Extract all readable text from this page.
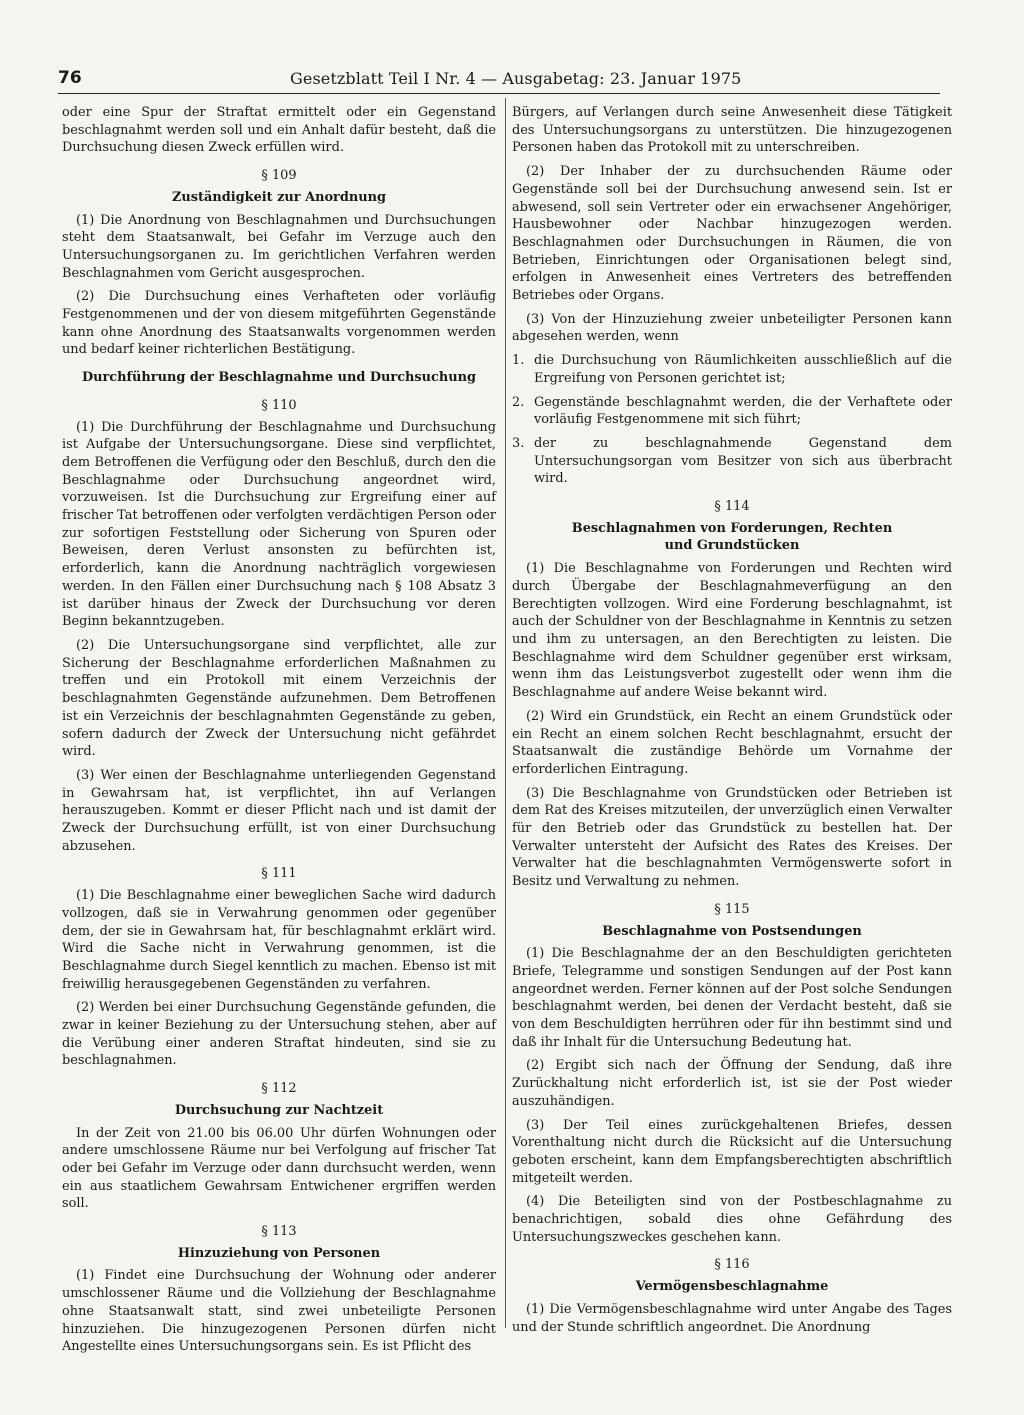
76	Gesetzblatt Teil I Nr. 4 — Ausgabetag: 23. Januar 1975

oder eine Spur der Straftat ermittelt oder ein Gegenstand beschlagnahmt werden soll und ein Anhalt dafür besteht, daß die Durchsuchung diesen Zweck erfüllen wird.

§ 109
Zuständigkeit zur Anordnung

(1) Die Anordnung von Beschlagnahmen und Durchsuchungen steht dem Staatsanwalt, bei Gefahr im Verzuge auch den Untersuchungsorganen zu. Im gerichtlichen Verfahren werden Beschlagnahmen vom Gericht ausgesprochen.

(2) Die Durchsuchung eines Verhafteten oder vorläufig Festgenommenen und der von diesem mitgeführten Gegenstände kann ohne Anordnung des Staatsanwalts vorgenommen werden und bedarf keiner richterlichen Bestätigung.

Durchführung der Beschlagnahme und Durchsuchung
§ 110

(1) Die Durchführung der Beschlagnahme und Durchsuchung ist Aufgabe der Untersuchungsorgane. Diese sind verpflichtet, dem Betroffenen die Verfügung oder den Beschluß, durch den die Beschlagnahme oder Durchsuchung angeordnet wird, vorzuweisen. Ist die Durchsuchung zur Ergreifung einer auf frischer Tat betroffenen oder verfolgten verdächtigen Person oder zur sofortigen Feststellung oder Sicherung von Spuren oder Beweisen, deren Verlust ansonsten zu befürchten ist, erforderlich, kann die Anordnung nachträglich vorgewiesen werden. In den Fällen einer Durchsuchung nach § 108 Absatz 3 ist darüber hinaus der Zweck der Durchsuchung vor deren Beginn bekanntzugeben.

(2) Die Untersuchungsorgane sind verpflichtet, alle zur Sicherung der Beschlagnahme erforderlichen Maßnahmen zu treffen und ein Protokoll mit einem Verzeichnis der beschlagnahmten Gegenstände aufzunehmen. Dem Betroffenen ist ein Verzeichnis der beschlagnahmten Gegenstände zu geben, sofern dadurch der Zweck der Untersuchung nicht gefährdet wird.

(3) Wer einen der Beschlagnahme unterliegenden Gegenstand in Gewahrsam hat, ist verpflichtet, ihn auf Verlangen herauszugeben. Kommt er dieser Pflicht nach und ist damit der Zweck der Durchsuchung erfüllt, ist von einer Durchsuchung abzusehen.

§ 111

(1) Die Beschlagnahme einer beweglichen Sache wird dadurch vollzogen, daß sie in Verwahrung genommen oder gegenüber dem, der sie in Gewahrsam hat, für beschlagnahmt erklärt wird. Wird die Sache nicht in Verwahrung genommen, ist die Beschlagnahme durch Siegel kenntlich zu machen. Ebenso ist mit freiwillig herausgegebenen Gegenständen zu verfahren.

(2) Werden bei einer Durchsuchung Gegenstände gefunden, die zwar in keiner Beziehung zu der Untersuchung stehen, aber auf die Verübung einer anderen Straftat hindeuten, sind sie zu beschlagnahmen.

§ 112
Durchsuchung zur Nachtzeit

In der Zeit von 21.00 bis 06.00 Uhr dürfen Wohnungen oder andere umschlossene Räume nur bei Verfolgung auf frischer Tat oder bei Gefahr im Verzuge oder dann durchsucht werden, wenn ein aus staatlichem Gewahrsam Entwichener ergriffen werden soll.

§ 113
Hinzuziehung von Personen

(1) Findet eine Durchsuchung der Wohnung oder anderer umschlossener Räume und die Vollziehung der Beschlagnahme ohne Staatsanwalt statt, sind zwei unbeteiligte Personen hinzuziehen. Die hinzugezogenen Personen dürfen nicht Angestellte eines Untersuchungsorgans sein. Es ist Pflicht des

Bürgers, auf Verlangen durch seine Anwesenheit diese Tätigkeit des Untersuchungsorgans zu unterstützen. Die hinzugezogenen Personen haben das Protokoll mit zu unterschreiben.

(2) Der Inhaber der zu durchsuchenden Räume oder Gegenstände soll bei der Durchsuchung anwesend sein. Ist er abwesend, soll sein Vertreter oder ein erwachsener Angehöriger, Hausbewohner oder Nachbar hinzugezogen werden. Beschlagnahmen oder Durchsuchungen in Räumen, die von Betrieben, Einrichtungen oder Organisationen belegt sind, erfolgen in Anwesenheit eines Vertreters des betreffenden Betriebes oder Organs.

(3) Von der Hinzuziehung zweier unbeteiligter Personen kann abgesehen werden, wenn

1. die Durchsuchung von Räumlichkeiten ausschließlich auf die Ergreifung von Personen gerichtet ist;
2. Gegenstände beschlagnahmt werden, die der Verhaftete oder vorläufig Festgenommene mit sich führt;
3. der zu beschlagnahmende Gegenstand dem Untersuchungsorgan vom Besitzer von sich aus überbracht wird.
§ 114
Beschlagnahmen von Forderungen, Rechten
und Grundstücken

(1) Die Beschlagnahme von Forderungen und Rechten wird durch Übergabe der Beschlagnahmeverfügung an den Berechtigten vollzogen. Wird eine Forderung beschlagnahmt, ist auch der Schuldner von der Beschlagnahme in Kenntnis zu setzen und ihm zu untersagen, an den Berechtigten zu leisten. Die Beschlagnahme wird dem Schuldner gegenüber erst wirksam, wenn ihm das Leistungsverbot zugestellt oder wenn ihm die Beschlagnahme auf andere Weise bekannt wird.

(2) Wird ein Grundstück, ein Recht an einem Grundstück oder ein Recht an einem solchen Recht beschlagnahmt, ersucht der Staatsanwalt die zuständige Behörde um Vornahme der erforderlichen Eintragung.

(3) Die Beschlagnahme von Grundstücken oder Betrieben ist dem Rat des Kreises mitzuteilen, der unverzüglich einen Verwalter für den Betrieb oder das Grundstück zu bestellen hat. Der Verwalter untersteht der Aufsicht des Rates des Kreises. Der Verwalter hat die beschlagnahmten Vermögenswerte sofort in Besitz und Verwaltung zu nehmen.

§ 115
Beschlagnahme von Postsendungen

(1) Die Beschlagnahme der an den Beschuldigten gerichteten Briefe, Telegramme und sonstigen Sendungen auf der Post kann angeordnet werden. Ferner können auf der Post solche Sendungen beschlagnahmt werden, bei denen der Verdacht besteht, daß sie von dem Beschuldigten herrühren oder für ihn bestimmt sind und daß ihr Inhalt für die Untersuchung Bedeutung hat.

(2) Ergibt sich nach der Öffnung der Sendung, daß ihre Zurückhaltung nicht erforderlich ist, ist sie der Post wieder auszuhändigen.

(3) Der Teil eines zurückgehaltenen Briefes, dessen Vorenthaltung nicht durch die Rücksicht auf die Untersuchung geboten erscheint, kann dem Empfangsberechtigten abschriftlich mitgeteilt werden.

(4) Die Beteiligten sind von der Postbeschlagnahme zu benachrichtigen, sobald dies ohne Gefährdung des Untersuchungszweckes geschehen kann.

§ 116
Vermögensbeschlagnahme

(1) Die Vermögensbeschlagnahme wird unter Angabe des Tages und der Stunde schriftlich angeordnet. Die Anordnung
